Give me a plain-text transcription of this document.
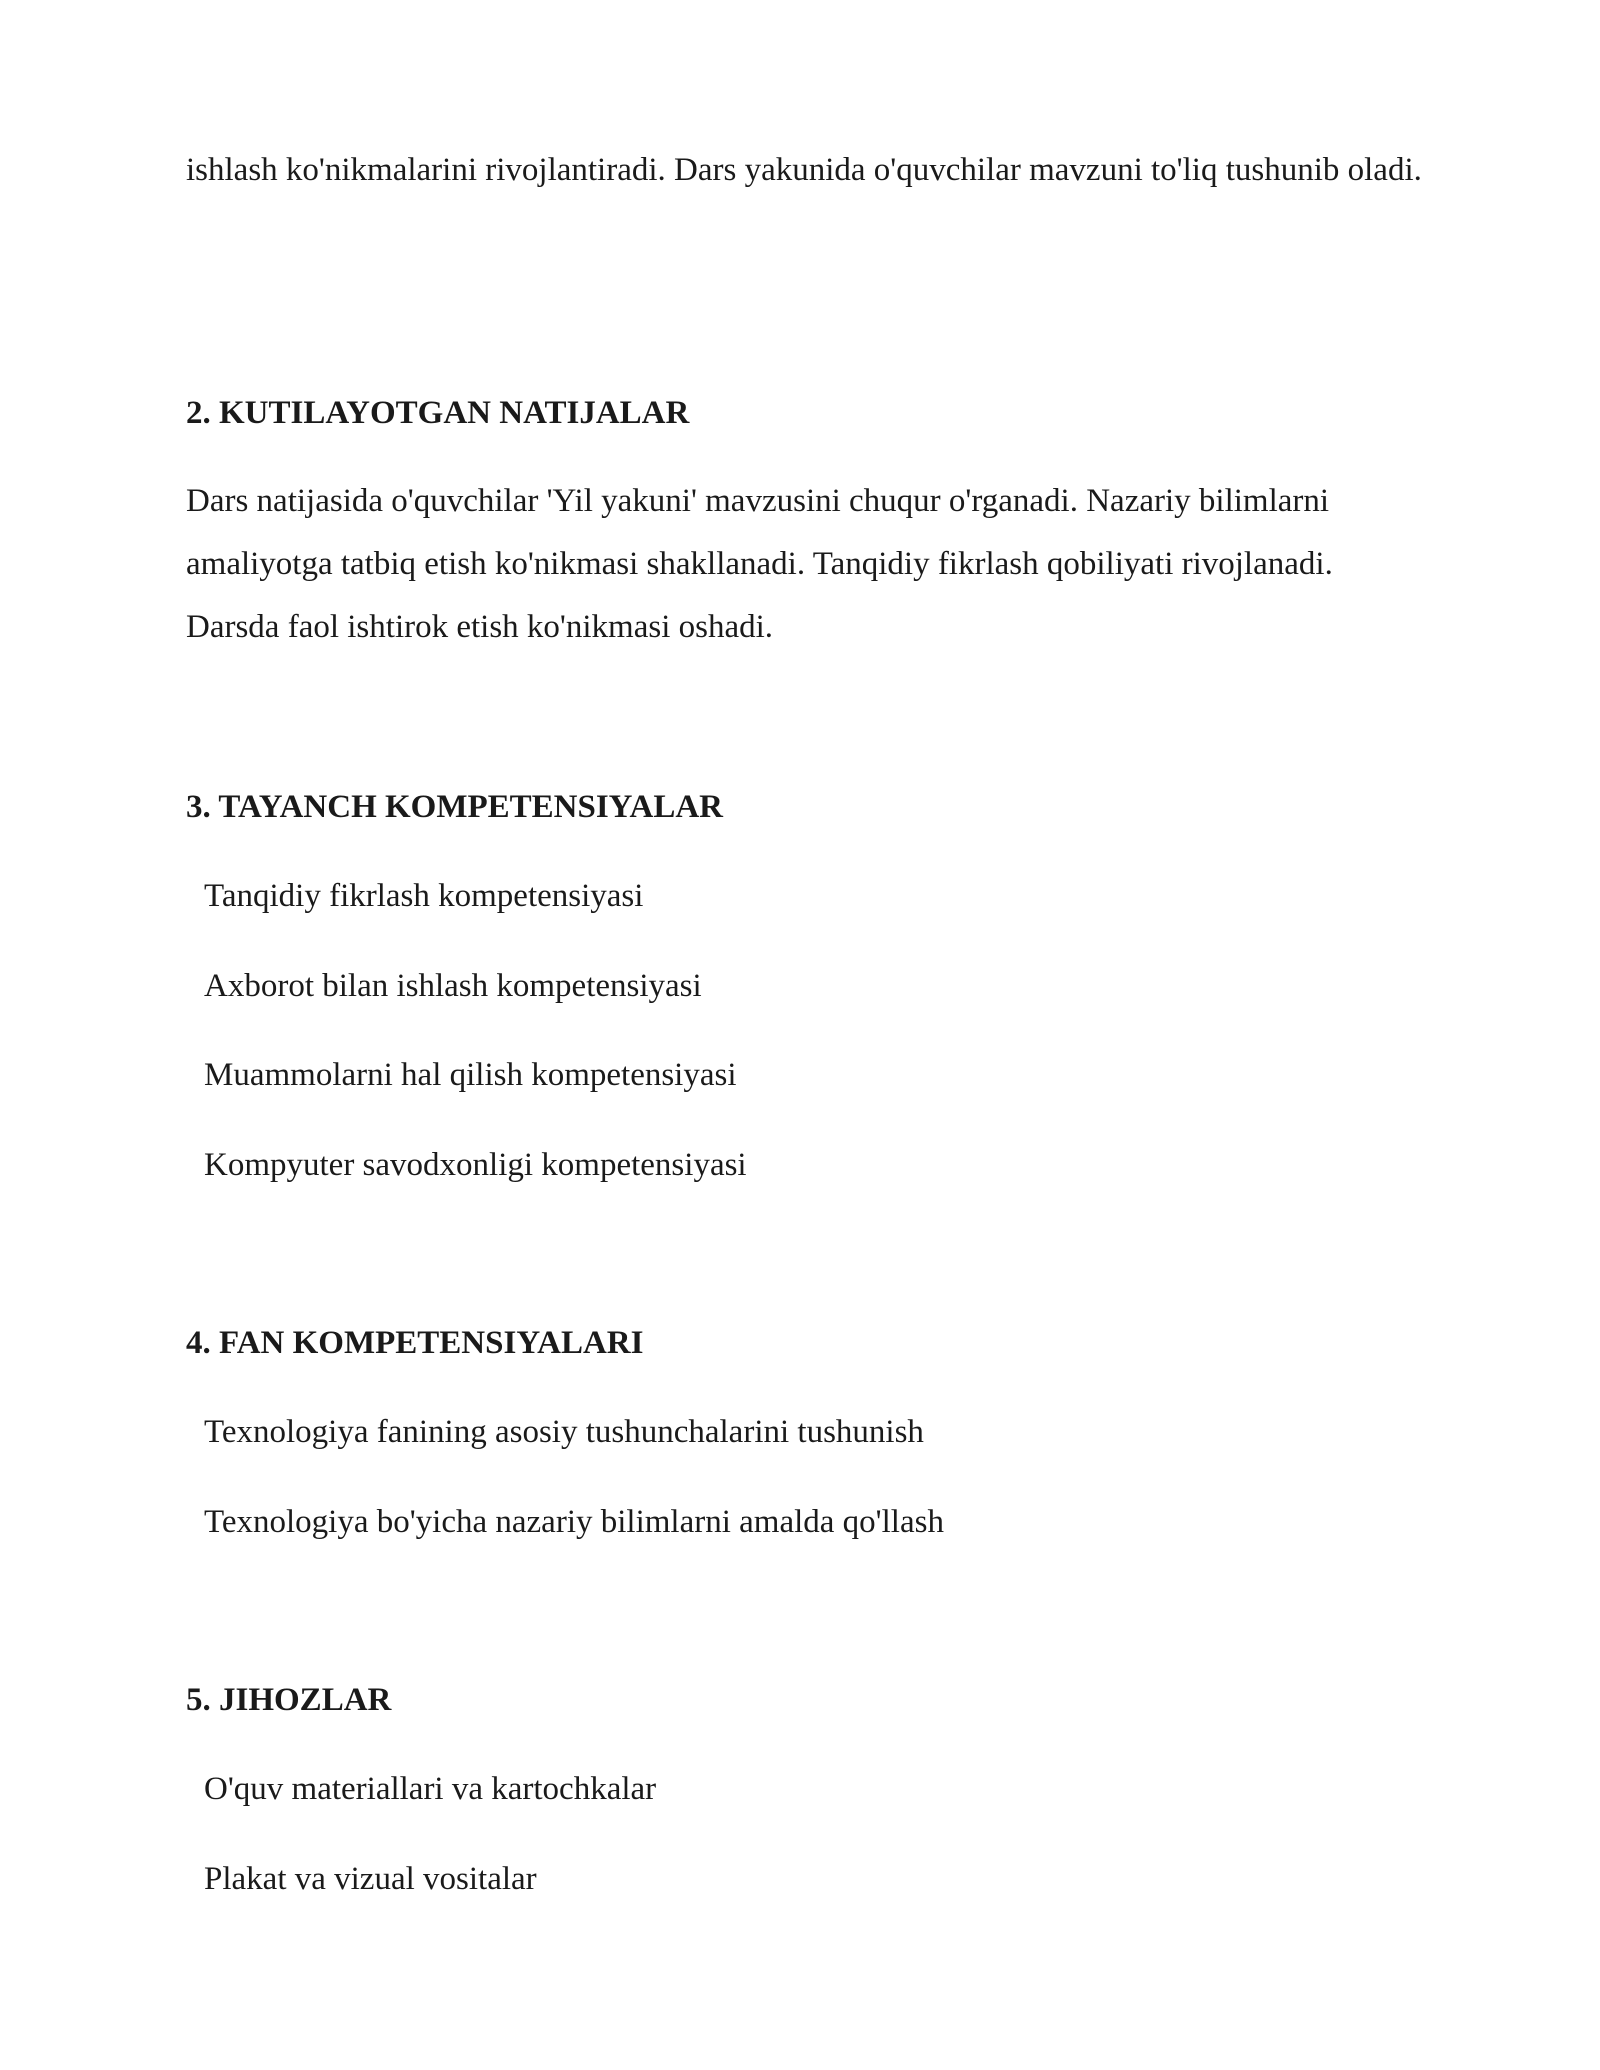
ishlash ko'nikmalarini rivojlantiradi. Dars yakunida o'quvchilar mavzuni to'liq tushunib oladi.

2. KUTILAYOTGAN NATIJALAR

Dars natijasida o'quvchilar 'Yil yakuni' mavzusini chuqur o'rganadi. Nazariy bilimlarni amaliyotga tatbiq etish ko'nikmasi shakllanadi. Tanqidiy fikrlash qobiliyati rivojlanadi. Darsda faol ishtirok etish ko'nikmasi oshadi.

3. TAYANCH KOMPETENSIYALAR
Tanqidiy fikrlash kompetensiyasi
Axborot bilan ishlash kompetensiyasi
Muammolarni hal qilish kompetensiyasi
Kompyuter savodxonligi kompetensiyasi
4. FAN KOMPETENSIYALARI
Texnologiya fanining asosiy tushunchalarini tushunish
Texnologiya bo'yicha nazariy bilimlarni amalda qo'llash
5. JIHOZLAR
O'quv materiallari va kartochkalar
Plakat va vizual vositalar
